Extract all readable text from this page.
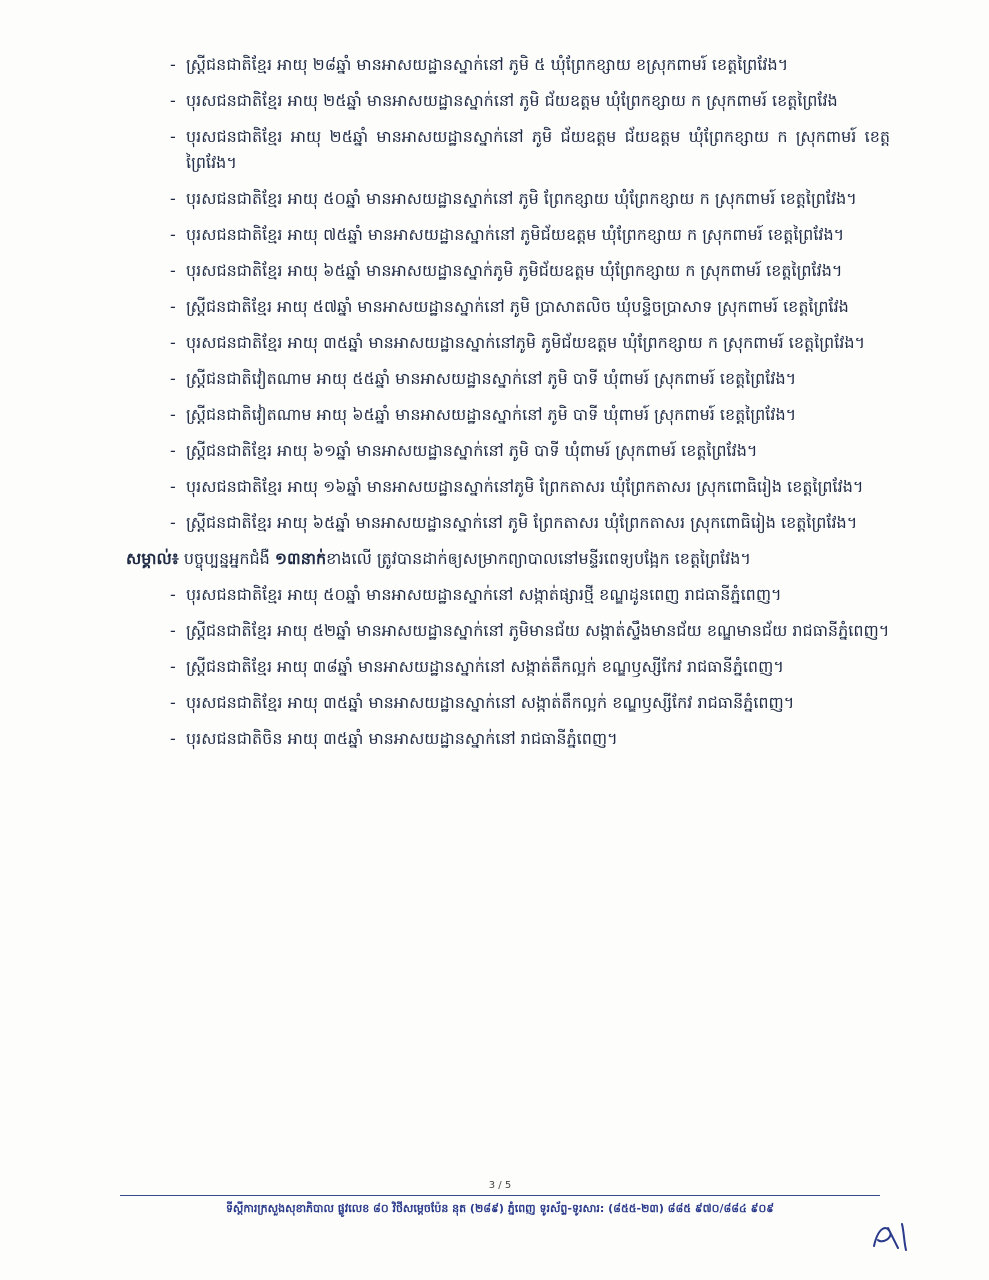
- ស្ត្រីជនជាតិខ្មែរ អាយុ ២៨ឆ្នាំ មានអាសយដ្ឋានស្នាក់នៅ ភូមិ ៥ ឃុំព្រែកខ្សាយ ខស្រុកពាមរ៍ ខេត្តព្រៃវែង។
- បុរសជនជាតិខ្មែរ អាយុ ២៥ឆ្នាំ មានអាសយដ្ឋានស្នាក់នៅ ភូមិ ជ័យឧត្តម ឃុំព្រែកខ្សាយ ក ស្រុកពាមរ៍ ខេត្តព្រៃវែង
- បុរសជនជាតិខ្មែរ អាយុ ២៥ឆ្នាំ មានអាសយដ្ឋានស្នាក់នៅ ភូមិ ជ័យឧត្តម ជ័យឧត្តម ឃុំព្រែកខ្សាយ ក ស្រុកពាមរ៍ ខេត្តព្រៃវែង។
- បុរសជនជាតិខ្មែរ អាយុ ៥០ឆ្នាំ មានអាសយដ្ឋានស្នាក់នៅ ភូមិ ព្រែកខ្សាយ ឃុំព្រែកខ្សាយ ក ស្រុកពាមរ៍ ខេត្តព្រៃវែង។
- បុរសជនជាតិខ្មែរ អាយុ ៧៥ឆ្នាំ មានអាសយដ្ឋានស្នាក់នៅ ភូមិជ័យឧត្តម ឃុំព្រែកខ្សាយ ក ស្រុកពាមរ៍ ខេត្តព្រៃវែង។
- បុរសជនជាតិខ្មែរ អាយុ ៦៥ឆ្នាំ មានអាសយដ្ឋានស្នាក់ភូមិ ភូមិជ័យឧត្តម ឃុំព្រែកខ្សាយ ក ស្រុកពាមរ៍ ខេត្តព្រៃវែង។
- ស្ត្រីជនជាតិខ្មែរ អាយុ ៥៧ឆ្នាំ មានអាសយដ្ឋានស្នាក់នៅ ភូមិ ប្រាសាតលិច ឃុំបន្ទិចប្រាសាទ ស្រុកពាមរ៍ ខេត្តព្រៃវែង
- បុរសជនជាតិខ្មែរ អាយុ ៣៥ឆ្នាំ មានអាសយដ្ឋានស្នាក់នៅភូមិ ភូមិជ័យឧត្តម ឃុំព្រែកខ្សាយ ក ស្រុកពាមរ៍ ខេត្តព្រៃវែង។
- ស្ត្រីជនជាតិវៀតណាម អាយុ ៥៥ឆ្នាំ មានអាសយដ្ឋានស្នាក់នៅ ភូមិ បាទី ឃុំពាមរ៍ ស្រុកពាមរ៍ ខេត្តព្រៃវែង។
- ស្ត្រីជនជាតិវៀតណាម អាយុ ៦៥ឆ្នាំ មានអាសយដ្ឋានស្នាក់នៅ ភូមិ បាទី ឃុំពាមរ៍ ស្រុកពាមរ៍ ខេត្តព្រៃវែង។
- ស្ត្រីជនជាតិខ្មែរ អាយុ ៦១ឆ្នាំ មានអាសយដ្ឋានស្នាក់នៅ ភូមិ បាទី ឃុំពាមរ៍ ស្រុកពាមរ៍ ខេត្តព្រៃវែង។
- បុរសជនជាតិខ្មែរ អាយុ ១៦ឆ្នាំ មានអាសយដ្ឋានស្នាក់នៅភូមិ ព្រែកតាសរ ឃុំព្រែកតាសរ ស្រុកពោធិរៀង ខេត្តព្រៃវែង។
- ស្ត្រីជនជាតិខ្មែរ អាយុ ៦៥ឆ្នាំ មានអាសយដ្ឋានស្នាក់នៅ ភូមិ ព្រែកតាសរ ឃុំព្រែកតាសរ ស្រុកពោធិរៀង ខេត្តព្រៃវែង។

សម្គាល់៖ បច្ចុប្បន្នអ្នកជំងឺ ១៣នាក់ខាងលើ ត្រូវបានដាក់ឲ្យសម្រាកព្យាបាលនៅមន្ទីរពេទ្យបង្អែក ខេត្តព្រៃវែង។

- បុរសជនជាតិខ្មែរ អាយុ ៥០ឆ្នាំ មានអាសយដ្ឋានស្នាក់នៅ សង្កាត់ផ្សារថ្មី ខណ្ឌដូនពេញ រាជធានីភ្នំពេញ។
- ស្ត្រីជនជាតិខ្មែរ អាយុ ៥២ឆ្នាំ មានអាសយដ្ឋានស្នាក់នៅ ភូមិមានជ័យ សង្កាត់ស្ទឹងមានជ័យ ខណ្ឌមានជ័យ រាជធានីភ្នំពេញ។
- ស្ត្រីជនជាតិខ្មែរ អាយុ ៣៨ឆ្នាំ មានអាសយដ្ឋានស្នាក់នៅ សង្កាត់តឹកល្អក់ ខណ្ឌឫស្សីកែវ រាជធានីភ្នំពេញ។
- បុរសជនជាតិខ្មែរ អាយុ ៣៥ឆ្នាំ មានអាសយដ្ឋានស្នាក់នៅ សង្កាត់តឹកល្អក់ ខណ្ឌឫស្សីកែវ រាជធានីភ្នំពេញ។
- បុរសជនជាតិចិន អាយុ ៣៥ឆ្នាំ មានអាសយដ្ឋានស្នាក់នៅ រាជធានីភ្នំពេញ។
3 / 5
ទីស្តីការក្រសួងសុខាភិបាល ផ្លូវលេខ ៨០ វិថីសម្តេចប៉ែន នុត (២៨៩) ភ្នំពេញ ទូរស័ព្ទ-ទូរសារ: (៨៥៥-២៣) ៨៨៥ ៩៧០/៨៨៤ ៩០៩
